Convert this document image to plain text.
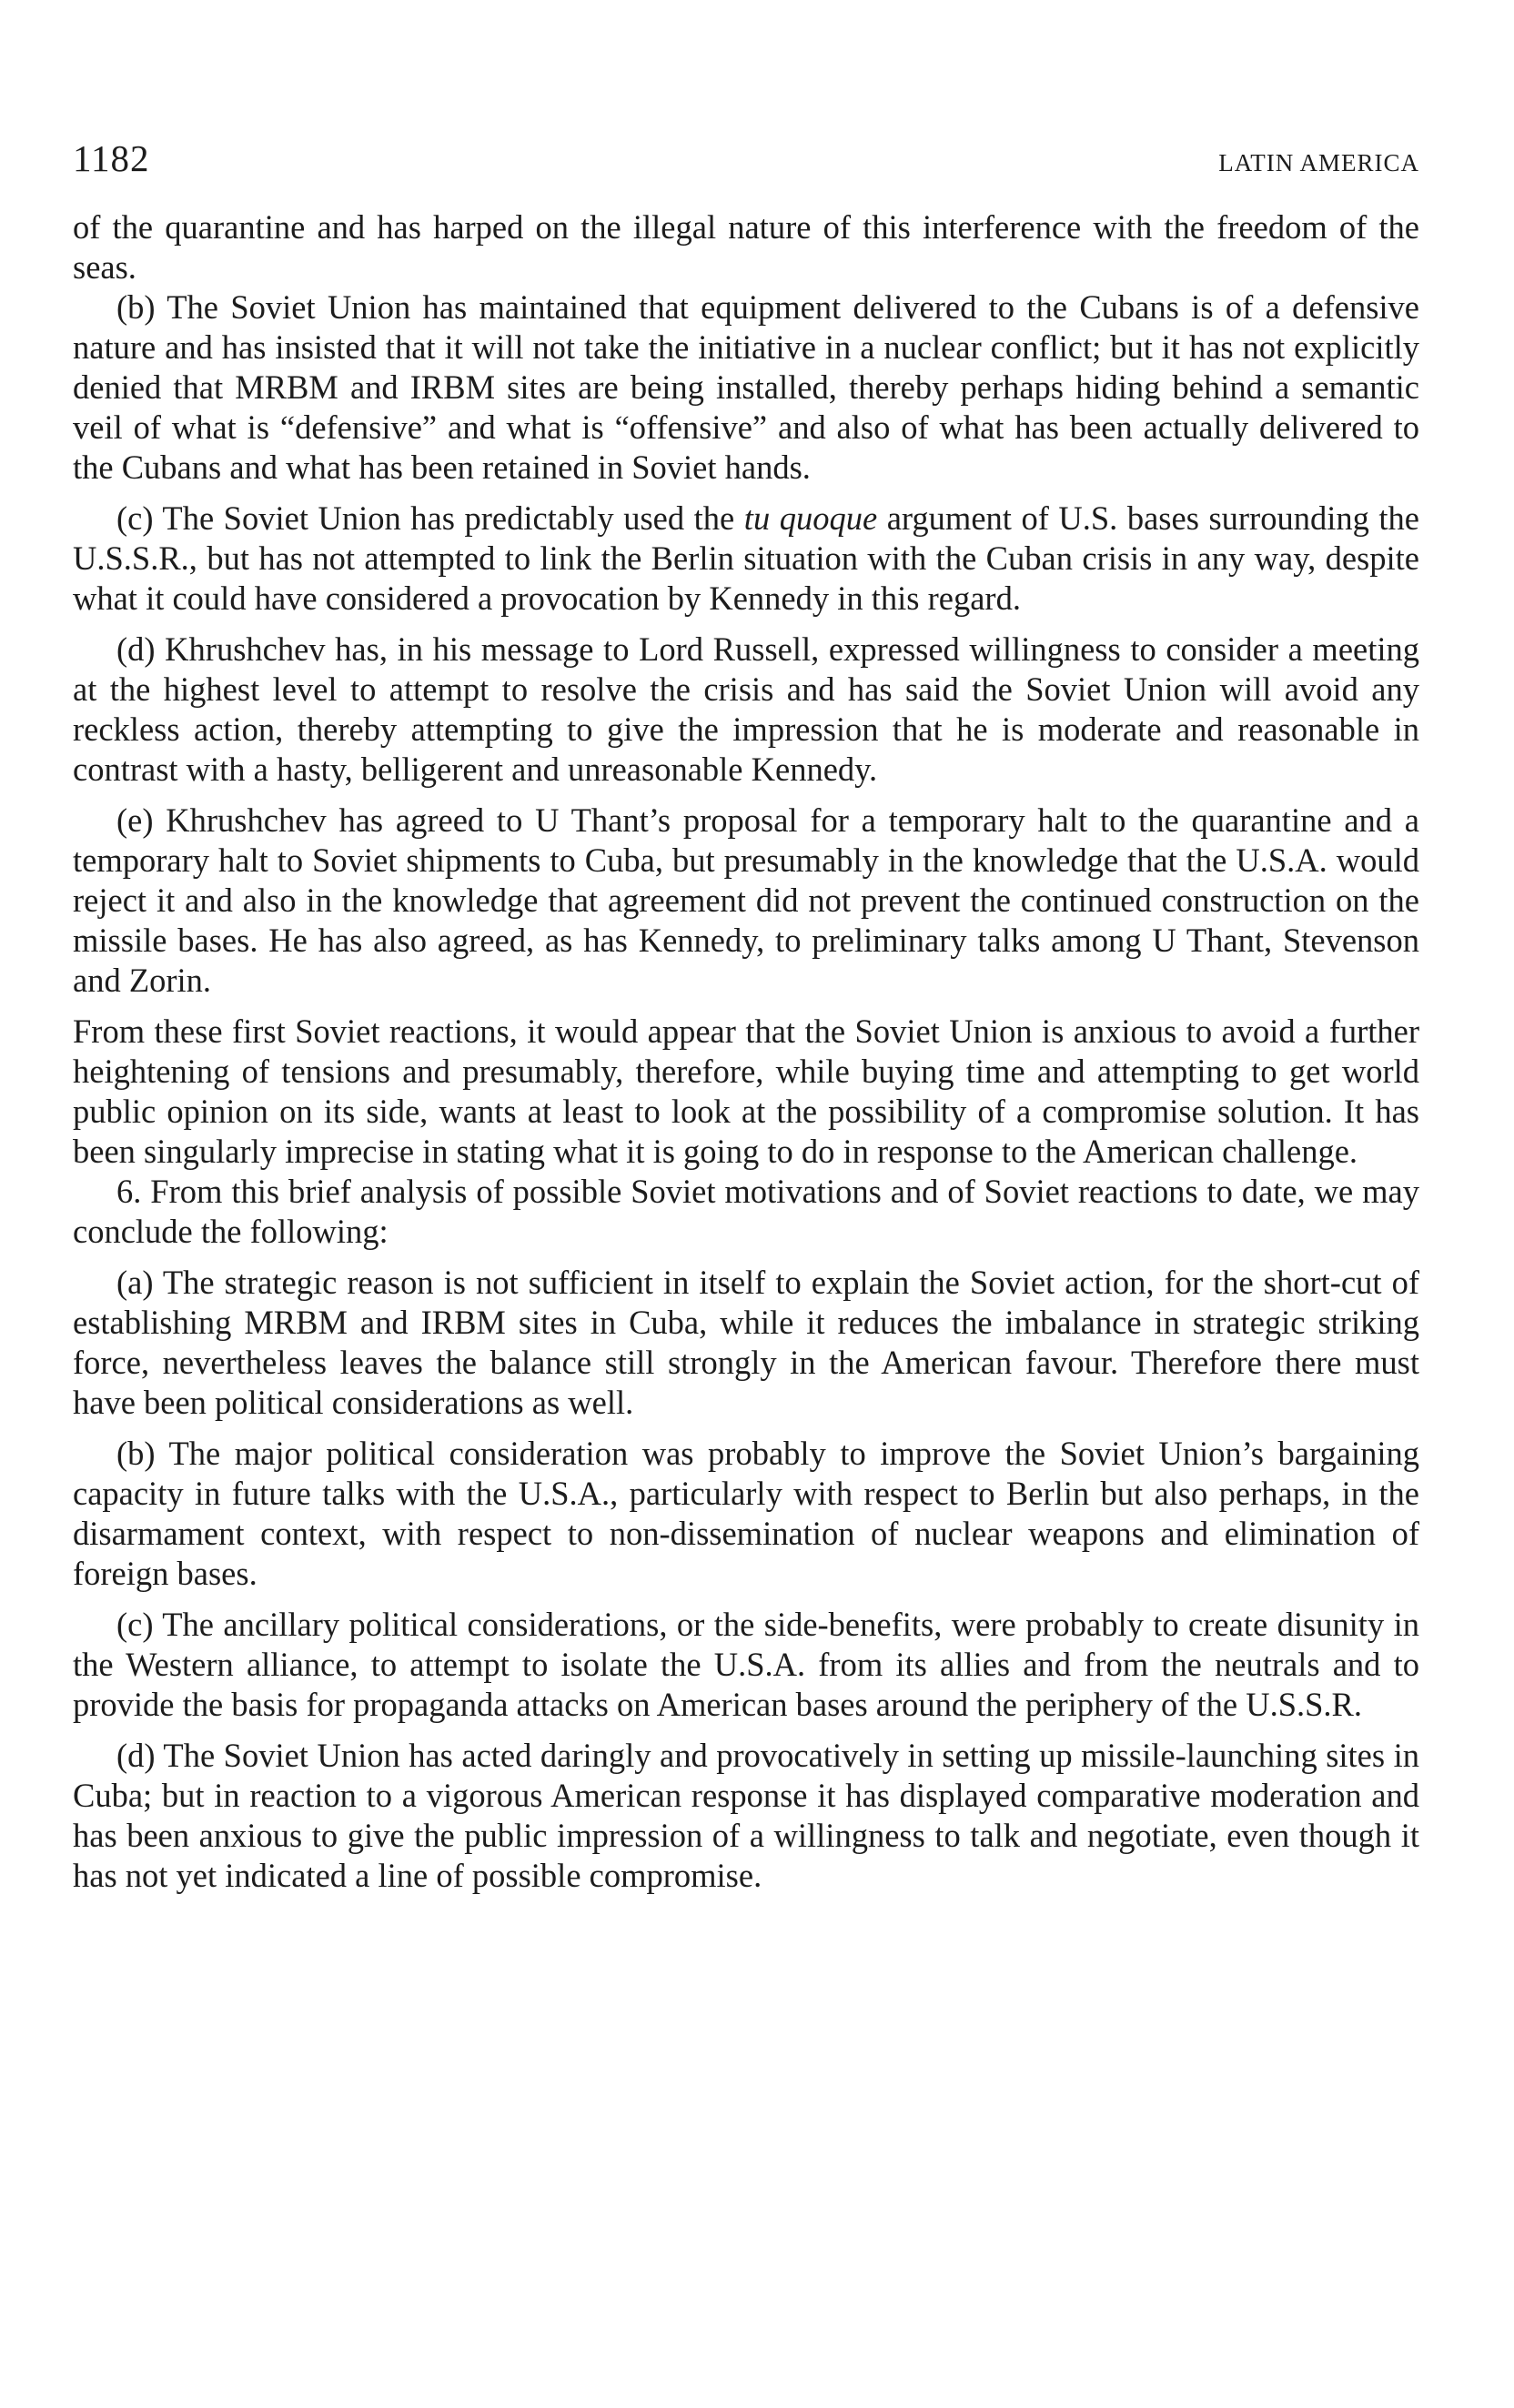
1182	LATIN AMERICA

of the quarantine and has harped on the illegal nature of this interference with the freedom of the seas.

(b) The Soviet Union has maintained that equipment delivered to the Cubans is of a defensive nature and has insisted that it will not take the initiative in a nuclear conflict; but it has not explicitly denied that MRBM and IRBM sites are being installed, thereby perhaps hiding behind a semantic veil of what is “defensive” and what is “offensive” and also of what has been actually delivered to the Cubans and what has been retained in Soviet hands.

(c) The Soviet Union has predictably used the tu quoque argument of U.S. bases surrounding the U.S.S.R., but has not attempted to link the Berlin situation with the Cuban crisis in any way, despite what it could have considered a provocation by Kennedy in this regard.

(d) Khrushchev has, in his message to Lord Russell, expressed willingness to consider a meeting at the highest level to attempt to resolve the crisis and has said the Soviet Union will avoid any reckless action, thereby attempting to give the impression that he is moderate and reasonable in contrast with a hasty, belligerent and unreasonable Kennedy.

(e) Khrushchev has agreed to U Thant’s proposal for a temporary halt to the quarantine and a temporary halt to Soviet shipments to Cuba, but presumably in the knowledge that the U.S.A. would reject it and also in the knowledge that agreement did not prevent the continued construction on the missile bases. He has also agreed, as has Kennedy, to preliminary talks among U Thant, Stevenson and Zorin.

From these first Soviet reactions, it would appear that the Soviet Union is anxious to avoid a further heightening of tensions and presumably, therefore, while buying time and attempting to get world public opinion on its side, wants at least to look at the possibility of a compromise solution. It has been singularly imprecise in stating what it is going to do in response to the American challenge.

6. From this brief analysis of possible Soviet motivations and of Soviet reactions to date, we may conclude the following:

(a) The strategic reason is not sufficient in itself to explain the Soviet action, for the short-cut of establishing MRBM and IRBM sites in Cuba, while it reduces the imbalance in strategic striking force, nevertheless leaves the balance still strongly in the American favour. Therefore there must have been political considerations as well.

(b) The major political consideration was probably to improve the Soviet Union’s bargaining capacity in future talks with the U.S.A., particularly with respect to Berlin but also perhaps, in the disarmament context, with respect to non-dissemination of nuclear weapons and elimination of foreign bases.

(c) The ancillary political considerations, or the side-benefits, were probably to create disunity in the Western alliance, to attempt to isolate the U.S.A. from its allies and from the neutrals and to provide the basis for propaganda attacks on American bases around the periphery of the U.S.S.R.

(d) The Soviet Union has acted daringly and provocatively in setting up missile-launching sites in Cuba; but in reaction to a vigorous American response it has displayed comparative moderation and has been anxious to give the public impression of a willingness to talk and negotiate, even though it has not yet indicated a line of possible compromise.
